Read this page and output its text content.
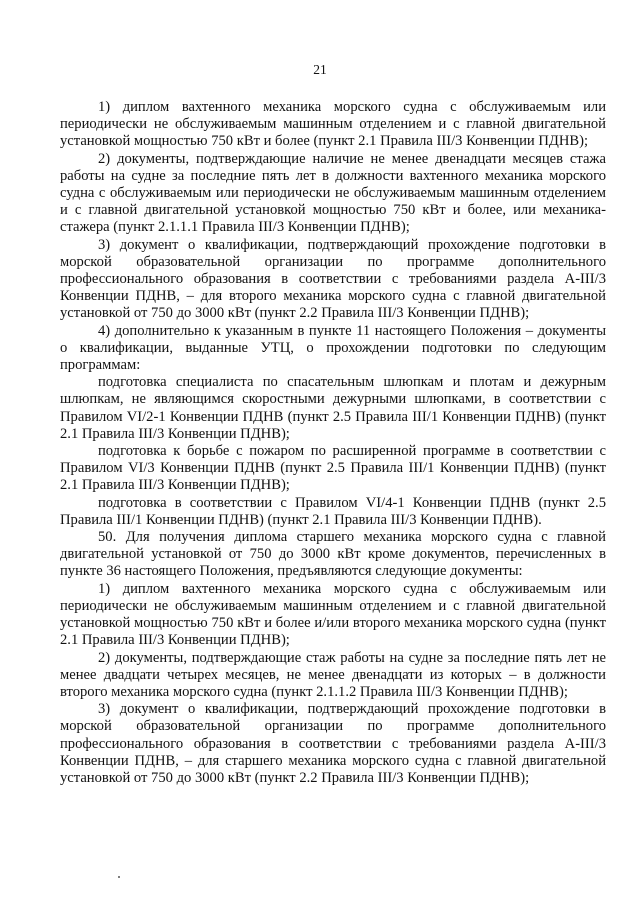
21

1) диплом вахтенного механика морского судна с обслуживаемым или периодически не обслуживаемым машинным отделением и с главной двигательной установкой мощностью 750 кВт и более (пункт 2.1 Правила III/3 Конвенции ПДНВ);

2) документы, подтверждающие наличие не менее двенадцати месяцев стажа работы на судне за последние пять лет в должности вахтенного механика морского судна с обслуживаемым или периодически не обслуживаемым машинным отделением и с главной двигательной установкой мощностью 750 кВт и более, или механика-стажера (пункт 2.1.1.1 Правила III/3 Конвенции ПДНВ);

3) документ о квалификации, подтверждающий прохождение подготовки в морской образовательной организации по программе дополнительного профессионального образования в соответствии с требованиями раздела А-III/3 Конвенции ПДНВ, – для второго механика морского судна с главной двигательной установкой от 750 до 3000 кВт (пункт 2.2 Правила III/3 Конвенции ПДНВ);

4) дополнительно к указанным в пункте 11 настоящего Положения – документы о квалификации, выданные УТЦ, о прохождении подготовки по следующим программам:

подготовка специалиста по спасательным шлюпкам и плотам и дежурным шлюпкам, не являющимся скоростными дежурными шлюпками, в соответствии с Правилом VI/2-1 Конвенции ПДНВ (пункт 2.5 Правила III/1 Конвенции ПДНВ) (пункт 2.1 Правила III/3 Конвенции ПДНВ);

подготовка к борьбе с пожаром по расширенной программе в соответствии с Правилом VI/3 Конвенции ПДНВ (пункт 2.5 Правила III/1 Конвенции ПДНВ) (пункт 2.1 Правила III/3 Конвенции ПДНВ);

подготовка в соответствии с Правилом VI/4-1 Конвенции ПДНВ (пункт 2.5 Правила III/1 Конвенции ПДНВ) (пункт 2.1 Правила III/3 Конвенции ПДНВ).

50. Для получения диплома старшего механика морского судна с главной двигательной установкой от 750 до 3000 кВт кроме документов, перечисленных в пункте 36 настоящего Положения, предъявляются следующие документы:

1) диплом вахтенного механика морского судна с обслуживаемым или периодически не обслуживаемым машинным отделением и с главной двигательной установкой мощностью 750 кВт и более и/или второго механика морского судна (пункт 2.1 Правила III/3 Конвенции ПДНВ);

2) документы, подтверждающие стаж работы на судне за последние пять лет не менее двадцати четырех месяцев, не менее двенадцати из которых – в должности второго механика морского судна (пункт 2.1.1.2 Правила III/3 Конвенции ПДНВ);

3) документ о квалификации, подтверждающий прохождение подготовки в морской образовательной организации по программе дополнительного профессионального образования в соответствии с требованиями раздела А-III/3 Конвенции ПДНВ, – для старшего механика морского судна с главной двигательной установкой от 750 до 3000 кВт (пункт 2.2 Правила III/3 Конвенции ПДНВ);
